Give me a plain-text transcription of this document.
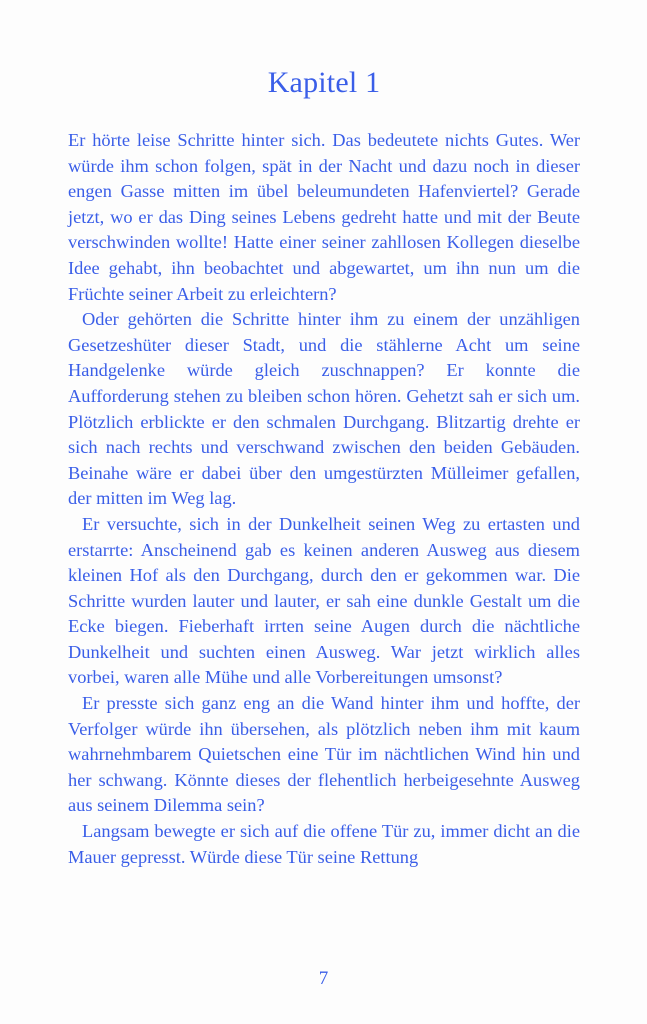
Kapitel 1

Er hörte leise Schritte hinter sich. Das bedeutete nichts Gutes. Wer würde ihm schon folgen, spät in der Nacht und dazu noch in dieser engen Gasse mitten im übel beleumundeten Hafenviertel? Gerade jetzt, wo er das Ding seines Lebens gedreht hatte und mit der Beute verschwinden wollte! Hatte einer seiner zahllosen Kollegen dieselbe Idee gehabt, ihn beobachtet und abgewartet, um ihn nun um die Früchte seiner Arbeit zu erleichtern?

Oder gehörten die Schritte hinter ihm zu einem der unzähligen Gesetzeshüter dieser Stadt, und die stählerne Acht um seine Handgelenke würde gleich zuschnappen? Er konnte die Aufforderung stehen zu bleiben schon hören. Gehetzt sah er sich um. Plötzlich erblickte er den schmalen Durchgang. Blitzartig drehte er sich nach rechts und verschwand zwischen den beiden Gebäuden. Beinahe wäre er dabei über den umgestürzten Mülleimer gefallen, der mitten im Weg lag.

Er versuchte, sich in der Dunkelheit seinen Weg zu ertasten und erstarrte: Anscheinend gab es keinen anderen Ausweg aus diesem kleinen Hof als den Durchgang, durch den er gekommen war. Die Schritte wurden lauter und lauter, er sah eine dunkle Gestalt um die Ecke biegen. Fieberhaft irrten seine Augen durch die nächtliche Dunkelheit und suchten einen Ausweg. War jetzt wirklich alles vorbei, waren alle Mühe und alle Vorbereitungen umsonst?

Er presste sich ganz eng an die Wand hinter ihm und hoffte, der Verfolger würde ihn übersehen, als plötzlich neben ihm mit kaum wahrnehmbarem Quietschen eine Tür im nächtlichen Wind hin und her schwang. Könnte dieses der flehentlich herbeigesehnte Ausweg aus seinem Dilemma sein?

Langsam bewegte er sich auf die offene Tür zu, immer dicht an die Mauer gepresst. Würde diese Tür seine Rettung

7
